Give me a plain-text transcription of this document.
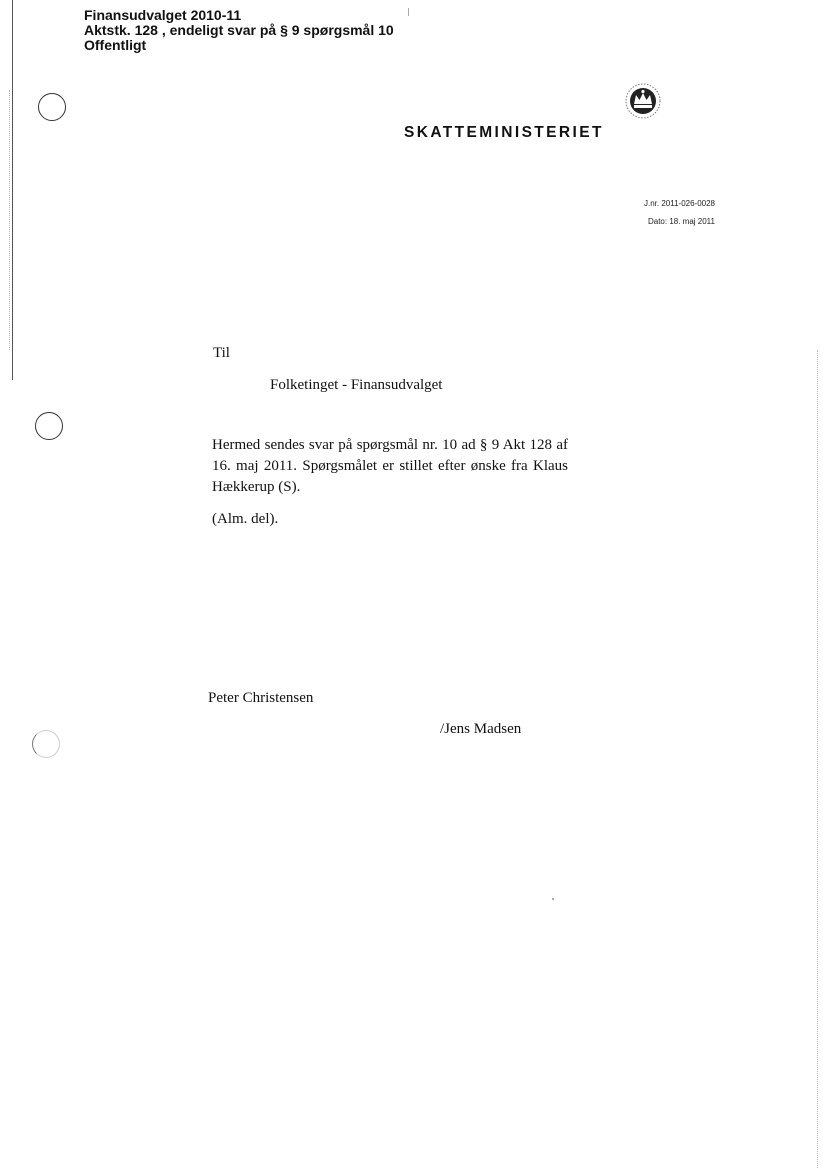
Finansudvalget 2010-11
Aktstk. 128 , endeligt svar på § 9 spørgsmål 10
Offentligt
SKATTEMINISTERIET
J.nr. 2011-026-0028
Dato: 18. maj 2011
Til
Folketinget - Finansudvalget
Hermed sendes svar på spørgsmål nr. 10 ad § 9 Akt 128 af 16. maj 2011. Spørgsmålet er stillet efter ønske fra Klaus Hækkerup (S).
(Alm. del).
Peter Christensen
/Jens Madsen
